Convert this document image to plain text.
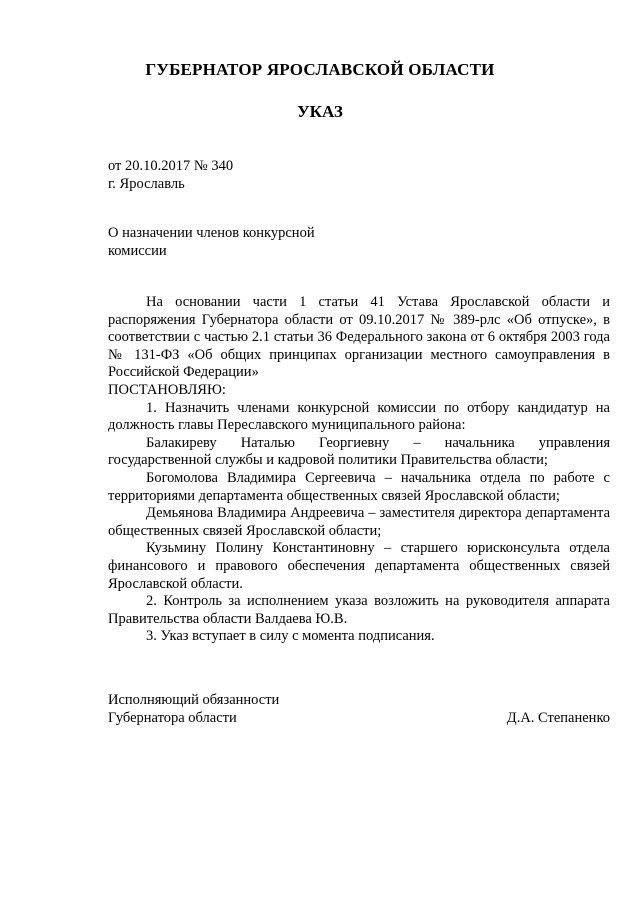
ГУБЕРНАТОР ЯРОСЛАВСКОЙ ОБЛАСТИ
УКАЗ
от 20.10.2017 № 340
г. Ярославль
О назначении членов конкурсной комиссии

На основании части 1 статьи 41 Устава Ярославской области и распоряжения Губернатора области от 09.10.2017 № 389-рлс «Об отпуске», в соответствии с частью 2.1 статьи 36 Федерального закона от 6 октября 2003 года № 131-ФЗ «Об общих принципах организации местного самоуправления в Российской Федерации»

ПОСТАНОВЛЯЮ:

1. Назначить членами конкурсной комиссии по отбору кандидатур на должность главы Переславского муниципального района:

Балакиреву Наталью Георгиевну – начальника управления государственной службы и кадровой политики Правительства области;

Богомолова Владимира Сергеевича – начальника отдела по работе с территориями департамента общественных связей Ярославской области;

Демьянова Владимира Андреевича – заместителя директора департамента общественных связей Ярославской области;

Кузьмину Полину Константиновну – старшего юрисконсульта отдела финансового и правового обеспечения департамента общественных связей Ярославской области.

2. Контроль за исполнением указа возложить на руководителя аппарата Правительства области Валдаева Ю.В.

3. Указ вступает в силу с момента подписания.

Исполняющий обязанности
Губернатора области	Д.А. Степаненко
